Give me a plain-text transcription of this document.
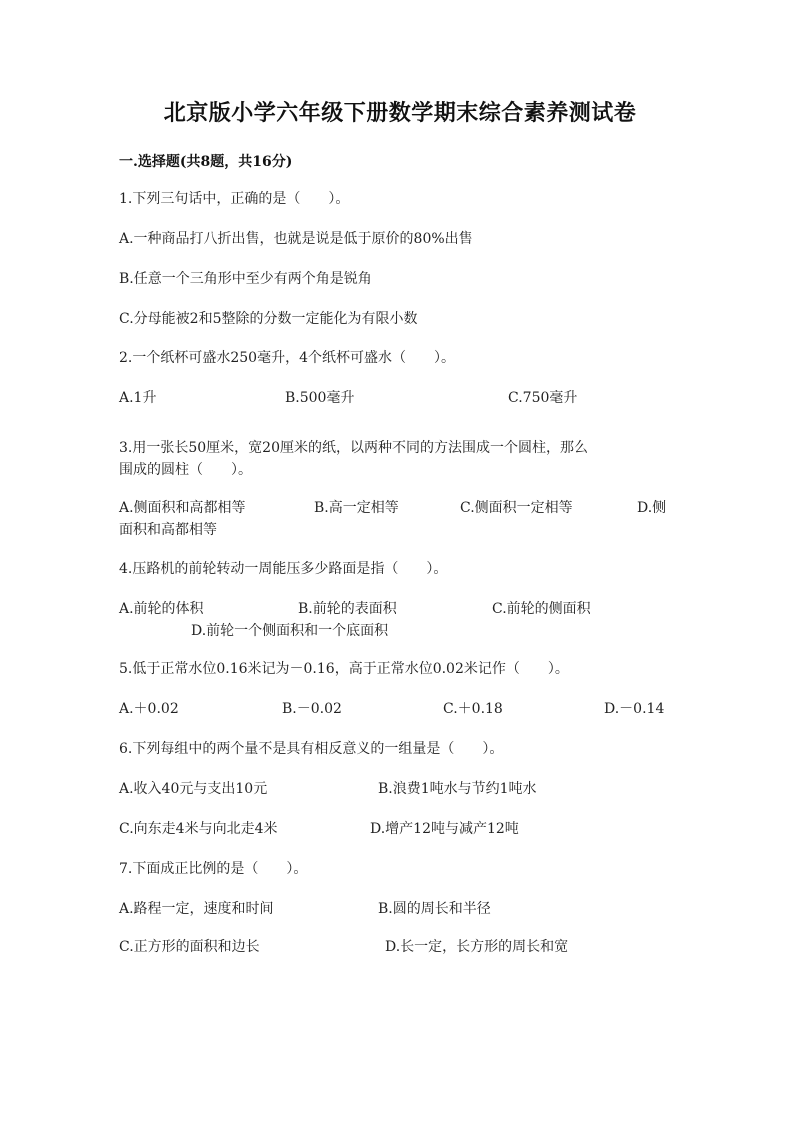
北京版小学六年级下册数学期末综合素养测试卷
一.选择题(共8题，共16分)
1.下列三句话中，正确的是（　　）。
A.一种商品打八折出售，也就是说是低于原价的80%出售
B.任意一个三角形中至少有两个角是锐角
C.分母能被2和5整除的分数一定能化为有限小数
2.一个纸杯可盛水250毫升，4个纸杯可盛水（　　）。
A.1升	B.500毫升	C.750毫升
3.用一张长50厘米，宽20厘米的纸，以两种不同的方法围成一个圆柱，那么
围成的圆柱（　　）。
A.侧面积和高都相等	B.高一定相等	C.侧面积一定相等	D.侧
面积和高都相等
4.压路机的前轮转动一周能压多少路面是指（　　）。
A.前轮的体积	B.前轮的表面积	C.前轮的侧面积
D.前轮一个侧面积和一个底面积
5.低于正常水位0.16米记为－0.16，高于正常水位0.02米记作（　　）。
A.＋0.02	B.－0.02	C.＋0.18	D.－0.14
6.下列每组中的两个量不是具有相反意义的一组量是（　　）。
A.收入40元与支出10元	B.浪费1吨水与节约1吨水
C.向东走4米与向北走4米	D.增产12吨与减产12吨
7.下面成正比例的是（　　）。
A.路程一定，速度和时间	B.圆的周长和半径
C.正方形的面积和边长	D.长一定，长方形的周长和宽
